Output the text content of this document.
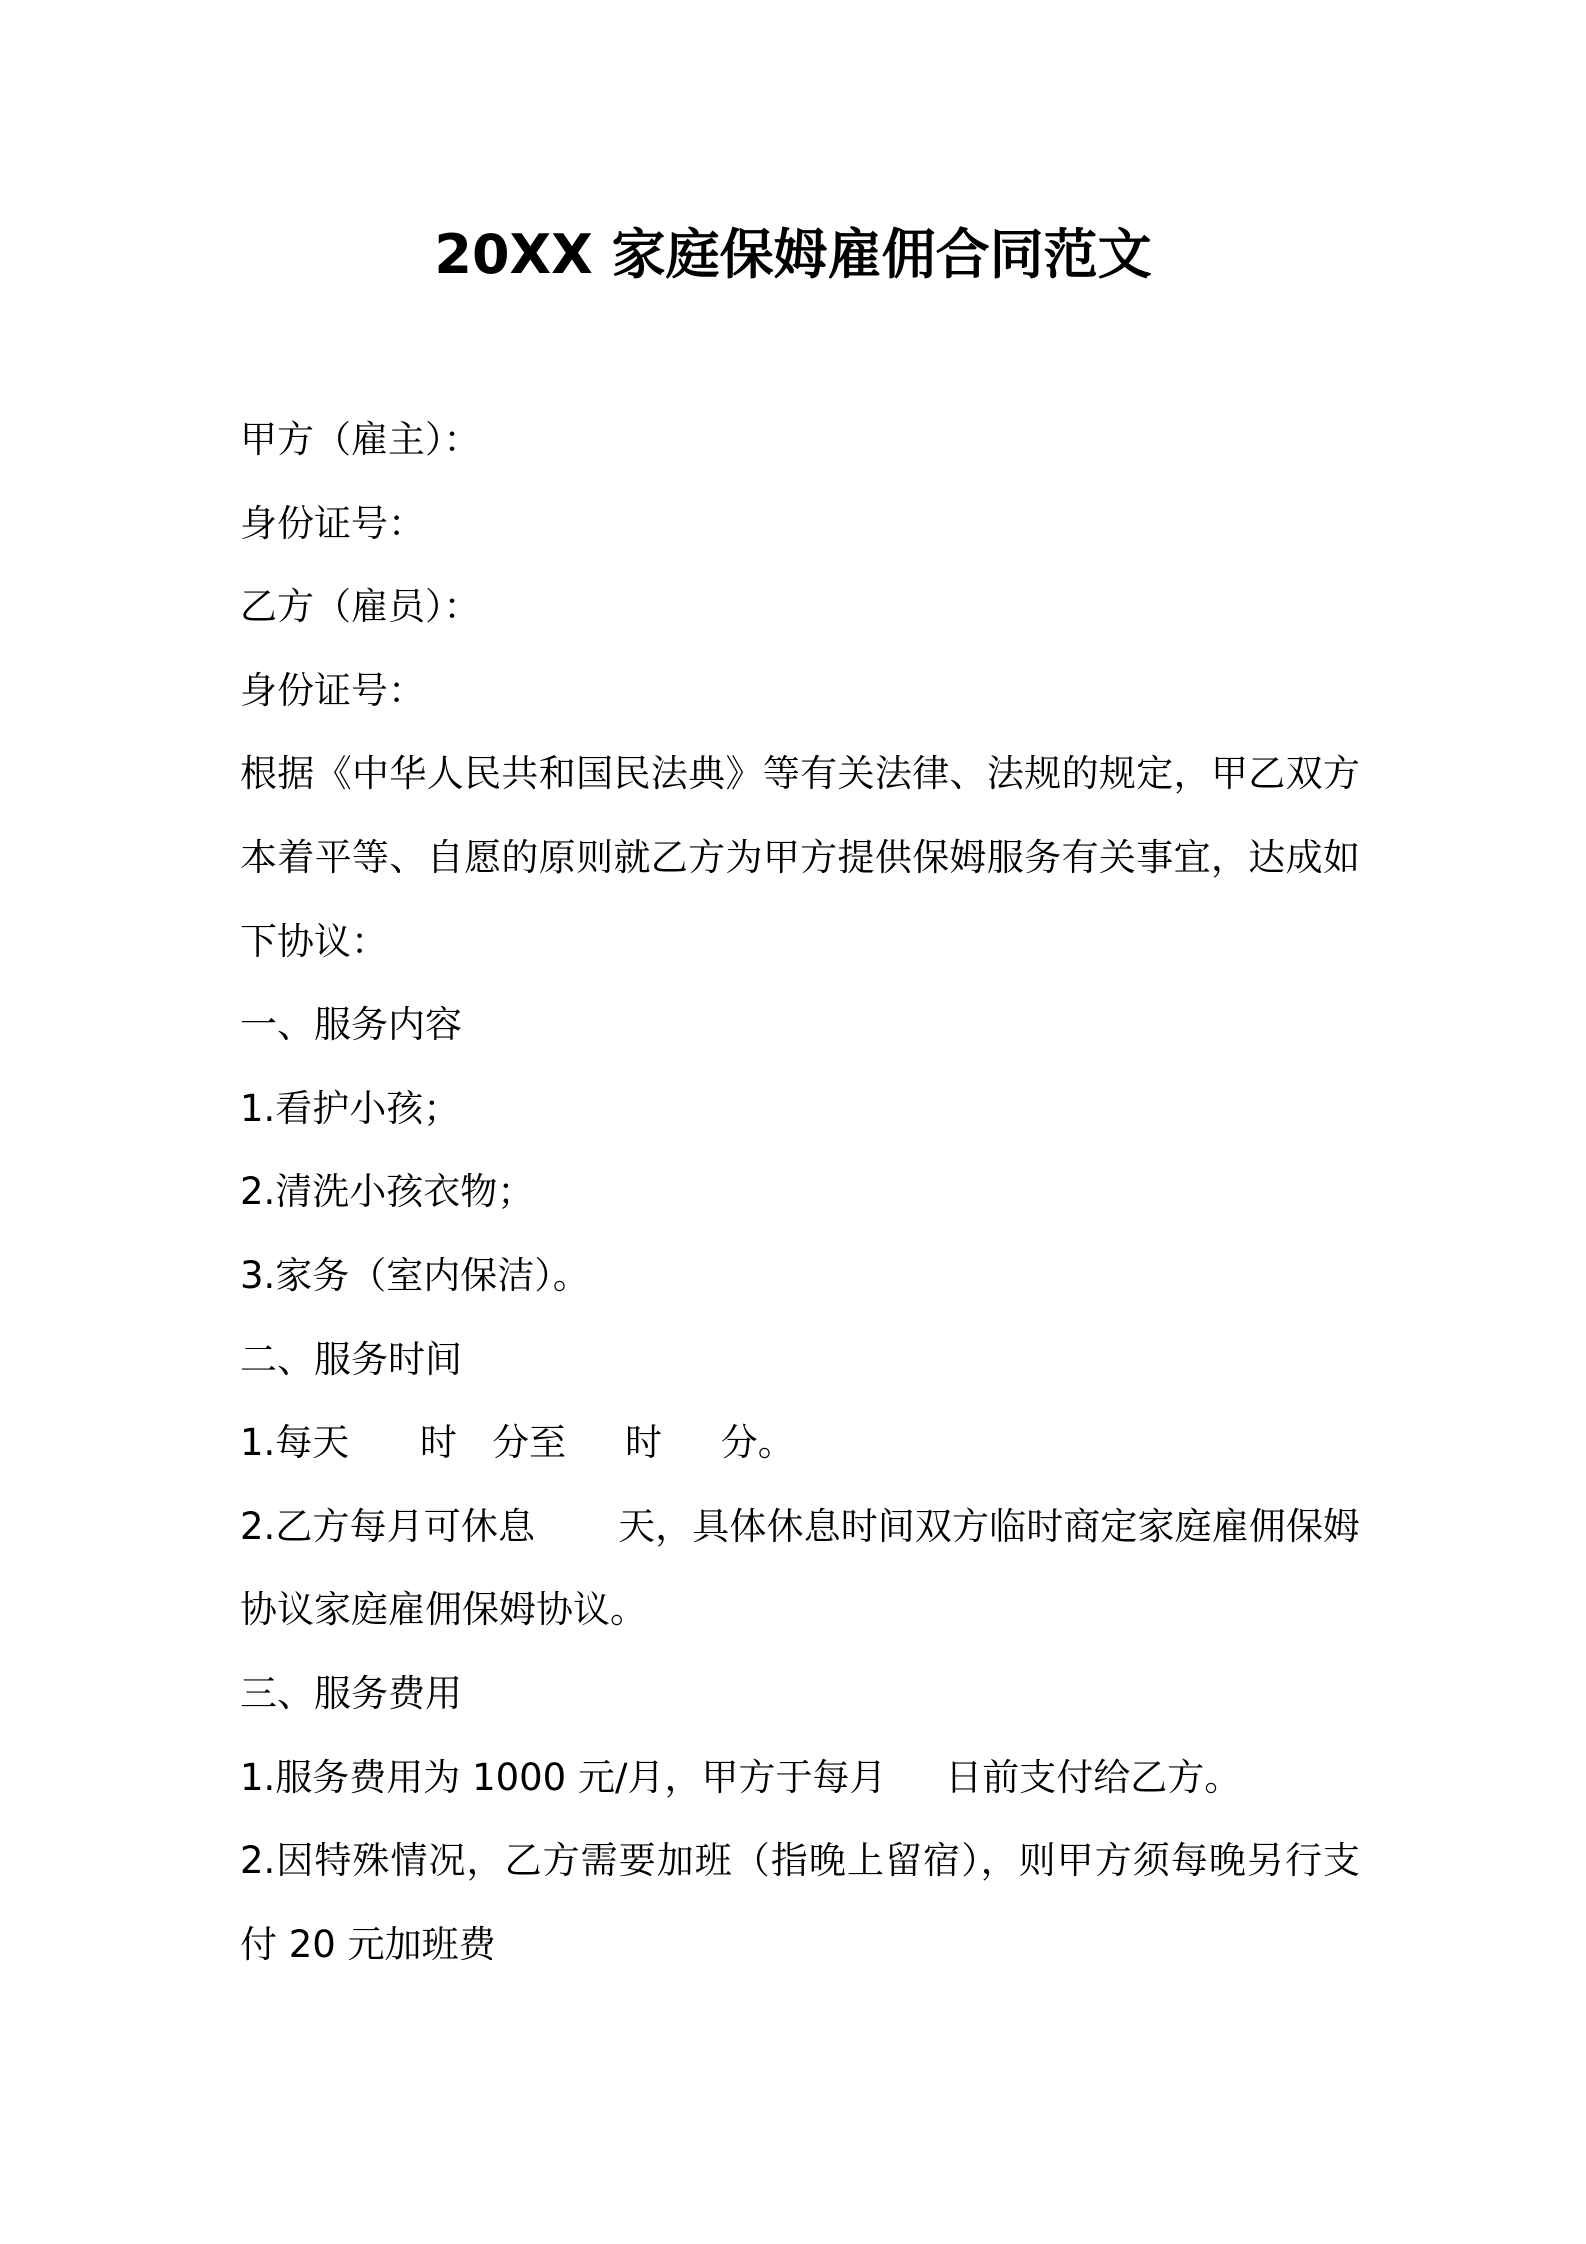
20XX 家庭保姆雇佣合同范文
甲方（雇主）：
身份证号：
乙方（雇员）：
身份证号：
根据《中华人民共和国民法典》等有关法律、法规的规定，甲乙双方
本着平等、自愿的原则就乙方为甲方提供保姆服务有关事宜，达成如
下协议：
一、服务内容
1.看护小孩；
2.清洗小孩衣物；
3.家务（室内保洁）。
二、服务时间
1.每天      时   分至     时     分。
2.乙方每月可休息       天，具体休息时间双方临时商定家庭雇佣保姆
协议家庭雇佣保姆协议。
三、服务费用
1.服务费用为 1000 元/月，甲方于每月     日前支付给乙方。
2.因特殊情况，乙方需要加班（指晚上留宿），则甲方须每晚另行支
付 20 元加班费
